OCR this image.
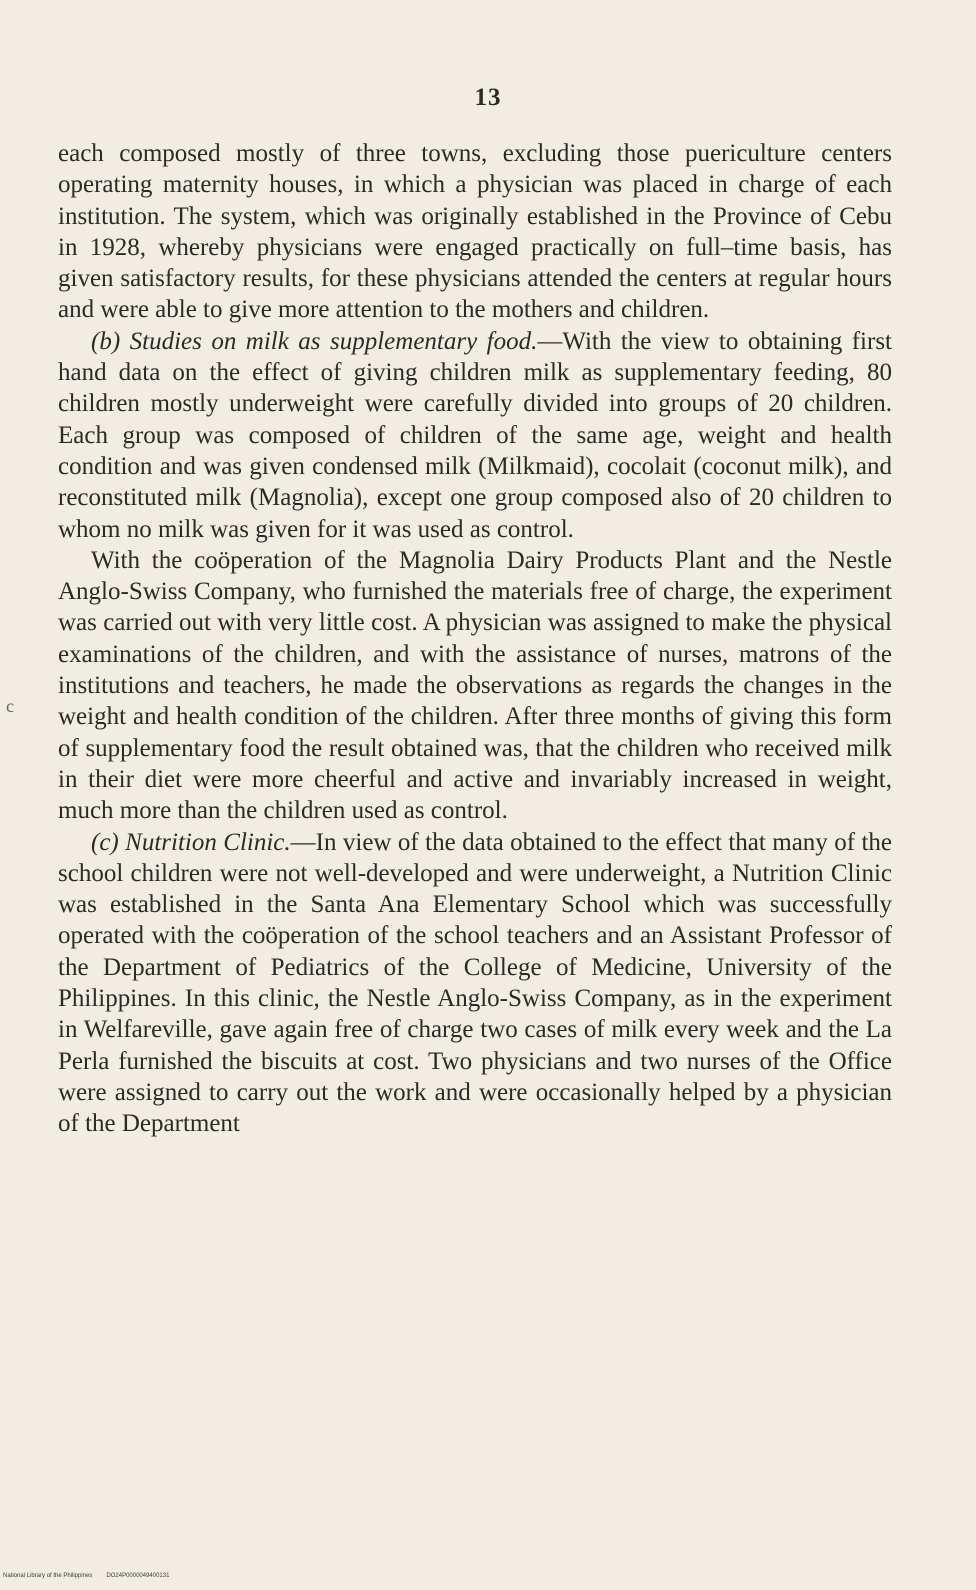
13
c

each composed mostly of three towns, excluding those puericulture centers operating maternity houses, in which a physician was placed in charge of each institution. The system, which was originally established in the Province of Cebu in 1928, whereby physicians were engaged practically on full–time basis, has given satisfactory results, for these physicians attended the centers at regular hours and were able to give more attention to the mothers and children.

(b) Studies on milk as supplementary food.—With the view to obtaining first hand data on the effect of giving children milk as supplementary feeding, 80 children mostly underweight were carefully divided into groups of 20 children. Each group was composed of children of the same age, weight and health condition and was given condensed milk (Milkmaid), cocolait (coconut milk), and reconstituted milk (Magnolia), except one group composed also of 20 children to whom no milk was given for it was used as control.

With the coöperation of the Magnolia Dairy Products Plant and the Nestle Anglo-Swiss Company, who furnished the materials free of charge, the experiment was carried out with very little cost. A physician was assigned to make the physical examinations of the children, and with the assistance of nurses, matrons of the institutions and teachers, he made the observations as regards the changes in the weight and health condition of the children. After three months of giving this form of supplementary food the result obtained was, that the children who received milk in their diet were more cheerful and active and invariably increased in weight, much more than the children used as control.

(c) Nutrition Clinic.—In view of the data obtained to the effect that many of the school children were not well-developed and were underweight, a Nutrition Clinic was established in the Santa Ana Elementary School which was successfully operated with the coöperation of the school teachers and an Assistant Professor of the Department of Pediatrics of the College of Medicine, University of the Philippines. In this clinic, the Nestle Anglo-Swiss Company, as in the experiment in Welfareville, gave again free of charge two cases of milk every week and the La Perla furnished the biscuits at cost. Two physicians and two nurses of the Office were assigned to carry out the work and were occasionally helped by a physician of the Department

National Library of the Philippines DO24P0000049400131
